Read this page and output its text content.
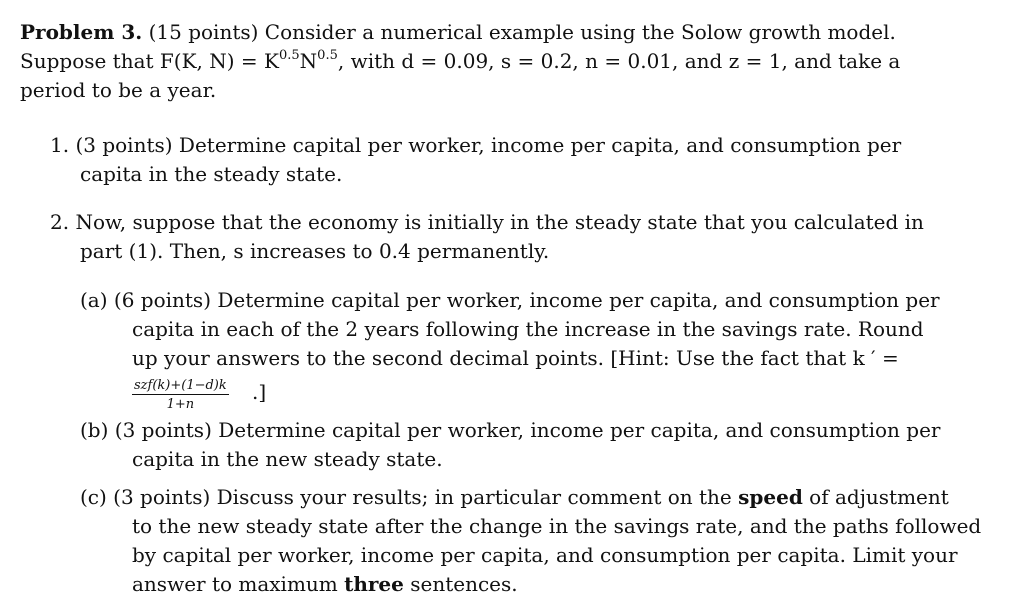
Problem 3. (15 points) Consider a numerical example using the Solow growth model.
Suppose that F(K, $N) = K^{0.5}N^{0.5}$, with d = 0.09, s = 0.2, n = 0.01, and z = 1, and take a
period to be a year.
1. (3 points) Determine capital per worker, income per capita, and consumption per
capita in the steady state.
2. Now, suppose that the economy is initially in the steady state that you calculated in
part (1). Then, s increases to 0.4 permanently.
(a) (6 points) Determine capital per worker, income per capita, and consumption per
capita in each of the 2 years following the increase in the savings rate. Round
up your answers to the second decimal points. [Hint: Use the fact that k ′ =
szf(k)+(1−d)k
1+n
.]
(b) (3 points) Determine capital per worker, income per capita, and consumption per
capita in the new steady state.
(c) (3 points) Discuss your results; in particular comment on the speed of adjustment
to the new steady state after the change in the savings rate, and the paths followed
by capital per worker, income per capita, and consumption per capita. Limit your
answer to maximum three sentences.
